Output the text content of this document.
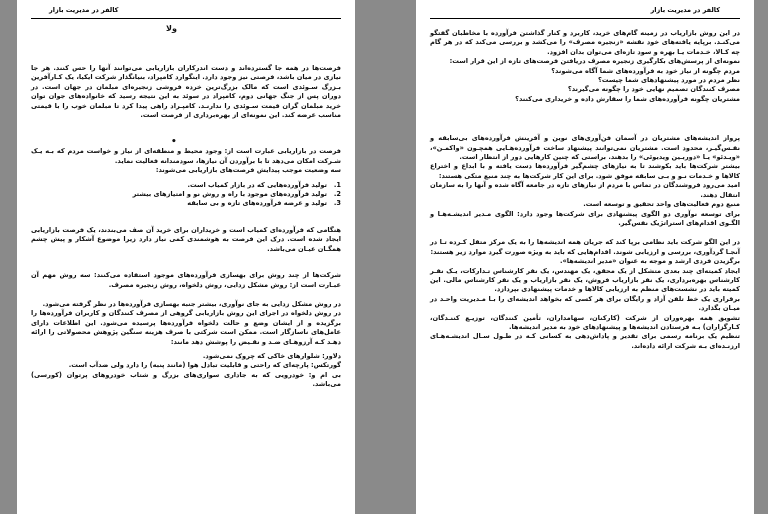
کالفر در مدیریت بازار
ولا

فرصت‌ها در همه جا گسترده‌اند و دست اندرکاران بازاریابی می‌توانند آنها را حس کنند. هر جا نیازی در میان باشد، فرصتی نیز وجود دارد. اینگوارد کامپراد، بنیانگذار شرکت ایکیا، یک کـارآفرین بـزرگ سـوئدی است که مالک بزرگ‌ترین خرده فروشی زنجیره‌ای مبلمان در جهان است. در دوران پس از جنگ جهانی دوم، کامپراد در سوئد به این نتیجه رسید که خانواده‌های جوان توان خرید مبلمان گران قیمت سـوئدی را ندارنـد. کامپـراد راهی پیدا کرد تا مبلمان خوب را با قیمتی مناسب عرضه کند. این نمونه‌ای از بهره‌برداری از فرصت است.

•

فرصت در بازاریابی عبارت است از: وجود محیط و منطقه‌ای از نیاز و خواست مردم که بـه یـک شـرکت امکان می‌دهد تا با برآوردن آن نیازها، سودمندانه فعالیت نماید.

سه وضعیت موجب پیدایش فرصت‌های بازاریابی می‌شوند:

1.
تولید فرآورده‌هایی که در بازار کمیاب است.
2.
تولید فرآورده‌های موجود با راه و روش نو و امتیازهای بیشتر
3.
تولید و عرضه فرآورده‌های تازه و بی سابقه

هنگامی که فرآورده‌ای کمیاب است و خریداران برای خرید آن صف می‌بندند، یک فرصت بازاریابی ایجاد شده است. درک این فرصت به هوشمندی کمی نیاز دارد زیرا موضوع آشکار و پیش چشم همگـان عیـان می‌باشد.

شرکت‌ها از چند روش برای بهسازی فرآورده‌های موجود استفاده می‌کنند: سه روش مهم آن عبـارت است از: روش مشکل زدایی، روش دلخواه، روش زنجیره مصرف.

در روش مشکل زدایی به جای نوآوری، بیشتر جنبه بهسازی فرآورده‌ها در نظر گرفته می‌شود.

در روش دلخواه در اجرای این روش بازاریابی گروهی از مصرف کنندگان و کاربران فرآورده‌ها را برگزیده و از ایشان وضع و حالت دلخواه فرآورده‌ها پرسیده می‌شود. این اطلاعات دارای عامل‌های ناسازگار است. ممکن است شرکتی با صرف هزینه سنگین پژوهش محصولاتی را ارائه دهـد کـه آرزوهـای ضـد و نقـیض را پوشش دهد مانند:

دلاور: شلوارهای خاکی که چروک نمی‌شود.

گورتکس: پارچه‌ای که راحتی و قابلیت تبادل هوا (مانند پنبه) را دارد ولی ضدآب است.

بی ام و: خودرویی که به جاداری سواری‌های بزرگ و شتاب خودروهای پرتوان (کورسی) می‌باشد.

کالفر در مدیریت بازار

در این روش بازاریاب در زمینه گام‌های خرید، کاربرد و کنار گذاشتن فرآورده با مخاطبان گفتگو می‌کنـد. برپایه یافته‌های خود نقشه «زنجیره مصرف» را می‌کشد و بررسی می‌کند که در هر گام چه کـالا، خـدمات یـا بهره و سود تازه‌ای می‌توان بدان افزود.

نمونه‌ای از پرسش‌های بکارگیری زنجیره مصرف دریافتن فرصت‌های تازه از این قرار است:

مردم چگونه از نیاز خود به فرآورده‌های شما آگاه می‌شوند؟

نظر مردم در مورد پیشنهادهای شما چیست؟

مصرف کنندگان تصمیم نهایی خود را چگونه می‌گیرند؟

مشتریان چگونه فرآورده‌های شما را سفارش داده و خریداری می‌کنند؟

پرواز اندیشه‌های مشتریان در آسمان فن‌آوری‌های نوین و آفرینش فرآورده‌های بی‌سابقه و نفـس‌گیـر، محدود است. مشتریان نمی‌توانند پیشنهاد ساخت فرآورده‌هـایی همچـون «واکمـن»، «ویـدئو» یـا «دوربـین ویدیوئی» را بدهند. براستی که چنین کارهایی دور از انتظار است.

بیشتر شرکت‌ها باید بکوشند تا به نیازهای چشم‌گیر فرآورده‌ها دست یافته و با ابداع و اختراع کالاها و خـدمات نـو و بـی سابقه موفق شود. برای این کار شرکت‌ها به چند منبع متکی هستند:

امید می‌رود فروشندگان در تماس با مردم از نیازهای تازه در جامعه آگاه شده و آنها را به سازمان انتقال دهند.

منبع دوم فعالیت‌های واحد تحقیق و توسعه است.

برای توسعه نوآوری دو الگوی پیشنهادی برای شرکت‌ها وجود دارد: الگوی مـدیر اندیشـه‌هـا و الگـوی اقدام‌های استراتژیک نفس‌گیر.

در این الگو شرکت باید نظامی برپا کند که جریان همه اندیشه‌ها را به یک مرکز متقل کـرده تـا در آنجـا گردآوری، بررسی و ارزیابی شوند. اقدام‌هایی که باید به ویژه صورت گیرد موارد زیر هستند:

برگزیدن فردی ارشد و موجه به عنوان «مدیر اندیشه‌ها».

ایجاد کمیته‌ای چند بعدی متشکل از یک محقق، یک مهندس، یک نفر کارشناس تـدارکات، یـک نفـر کارشناس بهره‌برداری، یک نفر بازاریاب فروش، یک نفر بازاریاب و یک نفر کارشناس مالی. این کمیته باید در نشست‌های منظم به ارزیابی کالاها و خدمات پیشنهادی بپردازد.

برقراری یک خط تلفن آزاد و رایگان برای هر کسی که بخواهد اندیشه‌ای را بـا مـدیریت واحـد در میـان بگذارد.

تشویق همه بهره‌وران از شرکت (کارکنان، سهامداران، تأمین کنندگان، توزیـع کننـدگان، کـارگزاران) بـه فرستادن اندیشه‌ها و پیشنهادهای خود به مدیر اندیشه‌ها.

تنظیم یک برنامه رسمی برای تقدیر و پاداش‌دهی به کسانی کـه در طـول سـال اندیشـه‌هـای ارزنـده‌ای بـه شرکت ارائه داده‌اند.
